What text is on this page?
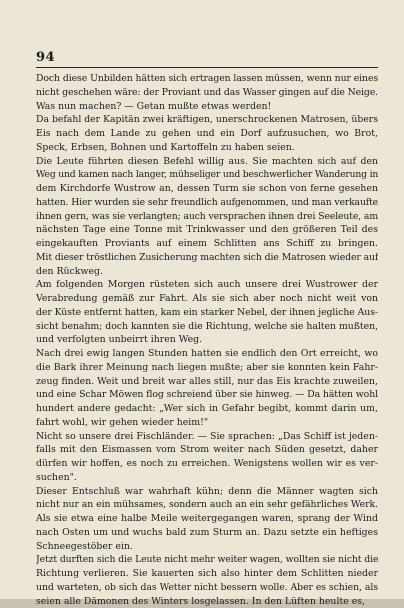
94
Doch diese Unbilden hätten sich ertragen lassen müssen, wenn nur eines
nicht geschehen wäre: der Proviant und das Wasser gingen auf die Neige.
Was nun machen? — Getan mußte etwas werden!
Da befahl der Kapitän zwei kräftigen, unerschrockenen Matrosen, übers
Eis nach dem Lande zu gehen und ein Dorf aufzusuchen, wo Brot,
Speck, Erbsen, Bohnen und Kartoffeln zu haben seien.
Die Leute führten diesen Befehl willig aus. Sie machten sich auf den
Weg und kamen nach langer, mühseliger und beschwerlicher Wanderung in
dem Kirchdorfe Wustrow an, dessen Turm sie schon von ferne gesehen
hatten. Hier wurden sie sehr freundlich aufgenommen, und man verkaufte
ihnen gern, was sie verlangten; auch versprachen ihnen drei Seeleute, am
nächsten Tage eine Tonne mit Trinkwasser und den größeren Teil des
eingekauften Proviants auf einem Schlitten ans Schiff zu bringen.
Mit dieser tröstlichen Zusicherung machten sich die Matrosen wieder auf
den Rückweg.
Am folgenden Morgen rüsteten sich auch unsere drei Wustrower der
Verabredung gemäß zur Fahrt. Als sie sich aber noch nicht weit von
der Küste entfernt hatten, kam ein starker Nebel, der ihnen jegliche Aus-
sicht benahm; doch kannten sie die Richtung, welche sie halten mußten,
und verfolgten unbeirrt ihren Weg.
Nach drei ewig langen Stunden hatten sie endlich den Ort erreicht, wo
die Bark ihrer Meinung nach liegen mußte; aber sie konnten kein Fahr-
zeug finden. Weit und breit war alles still, nur das Eis krachte zuweilen,
und eine Schar Möwen flog schreiend über sie hinweg. — Da hätten wohl
hundert andere gedacht: „Wer sich in Gefahr begibt, kommt darin um,
fahrt wohl, wir gehen wieder heim!"
Nicht so unsere drei Fischländer. — Sie sprachen: „Das Schiff ist jeden-
falls mit den Eismassen vom Strom weiter nach Süden gesetzt, daher
dürfen wir hoffen, es noch zu erreichen. Wenigstens wollen wir es ver-
suchen".
Dieser Entschluß war wahrhaft kühn; denn die Männer wagten sich
nicht nur an ein mühsames, sondern auch an ein sehr gefährliches Werk.
Als sie etwa eine halbe Meile weitergegangen waren, sprang der Wind
nach Osten um und wuchs bald zum Sturm an. Dazu setzte ein heftiges
Schneegestöber ein.
Jetzt durften sich die Leute nicht mehr weiter wagen, wollten sie nicht die
Richtung verlieren. Sie kauerten sich also hinter dem Schlitten nieder
und warteten, ob sich das Wetter nicht bessern wolle. Aber es schien, als
seien alle Dämonen des Winters losgelassen. In den Lüften heulte es,
